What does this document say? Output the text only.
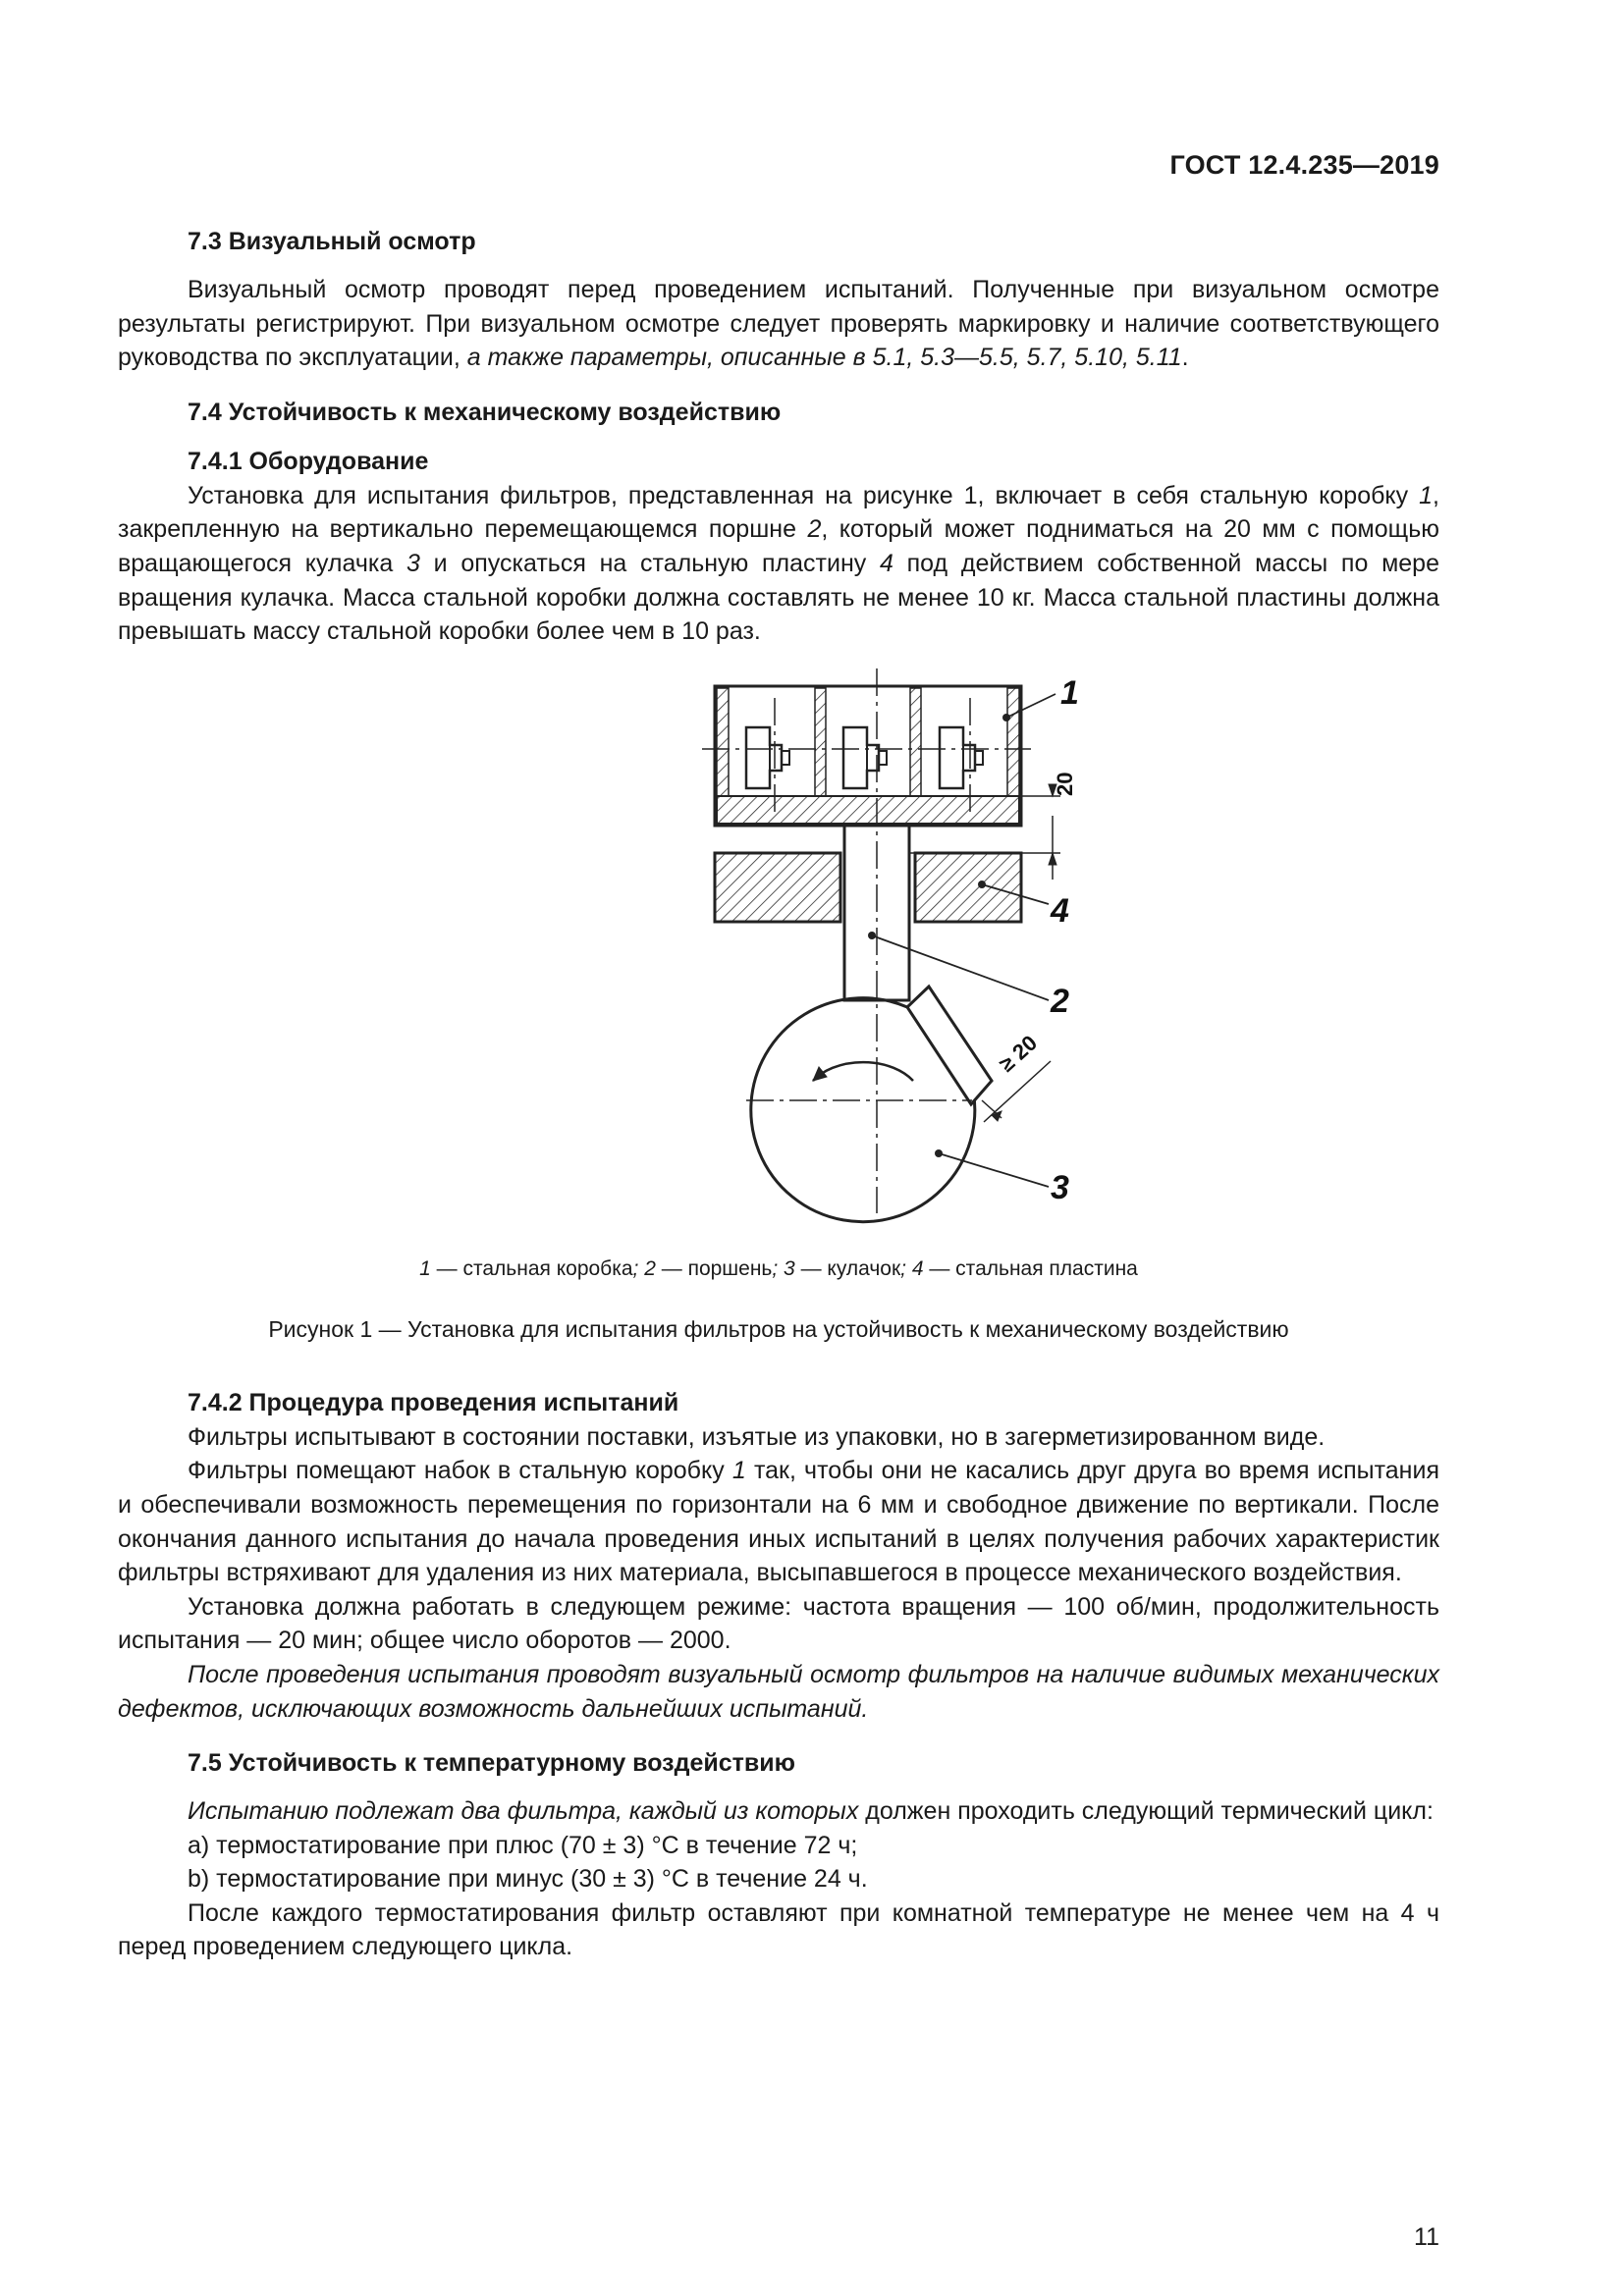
ГОСТ 12.4.235—2019
7.3 Визуальный осмотр

Визуальный осмотр проводят перед проведением испытаний. Полученные при визуальном осмотре результаты регистрируют. При визуальном осмотре следует проверять маркировку и наличие соответствующего руководства по эксплуатации, а также параметры, описанные в 5.1, 5.3—5.5, 5.7, 5.10, 5.11.

7.4 Устойчивость к механическому воздействию
7.4.1 Оборудование

Установка для испытания фильтров, представленная на рисунке 1, включает в себя стальную коробку 1, закрепленную на вертикально перемещающемся поршне 2, который может подниматься на 20 мм с помощью вращающегося кулачка 3 и опускаться на стальную пластину 4 под действием собственной массы по мере вращения кулачка. Масса стальной коробки должна составлять не менее 10 кг. Масса стальной пластины должна превышать массу стальной коробки более чем в 10 раз.

1
4
2
3
20
≥ 20
1 — стальная коробка; 2 — поршень; 3 — кулачок; 4 — стальная пластина
Рисунок 1 — Установка для испытания фильтров на устойчивость к механическому воздействию
7.4.2 Процедура проведения испытаний

Фильтры испытывают в состоянии поставки, изъятые из упаковки, но в загерметизированном виде.

Фильтры помещают набок в стальную коробку 1 так, чтобы они не касались друг друга во время испытания и обеспечивали возможность перемещения по горизонтали на 6 мм и свободное движение по вертикали. После окончания данного испытания до начала проведения иных испытаний в целях получения рабочих характеристик фильтры встряхивают для удаления из них материала, высыпавшегося в процессе механического воздействия.

Установка должна работать в следующем режиме: частота вращения — 100 об/мин, продолжительность испытания — 20 мин; общее число оборотов — 2000.

После проведения испытания проводят визуальный осмотр фильтров на наличие видимых механических дефектов, исключающих возможность дальнейших испытаний.

7.5 Устойчивость к температурному воздействию

Испытанию подлежат два фильтра, каждый из которых должен проходить следующий термический цикл:

a) термостатирование при плюс (70 ± 3) °С в течение 72 ч;

b) термостатирование при минус (30 ± 3) °С в течение 24 ч.

После каждого термостатирования фильтр оставляют при комнатной температуре не менее чем на 4 ч перед проведением следующего цикла.

11
